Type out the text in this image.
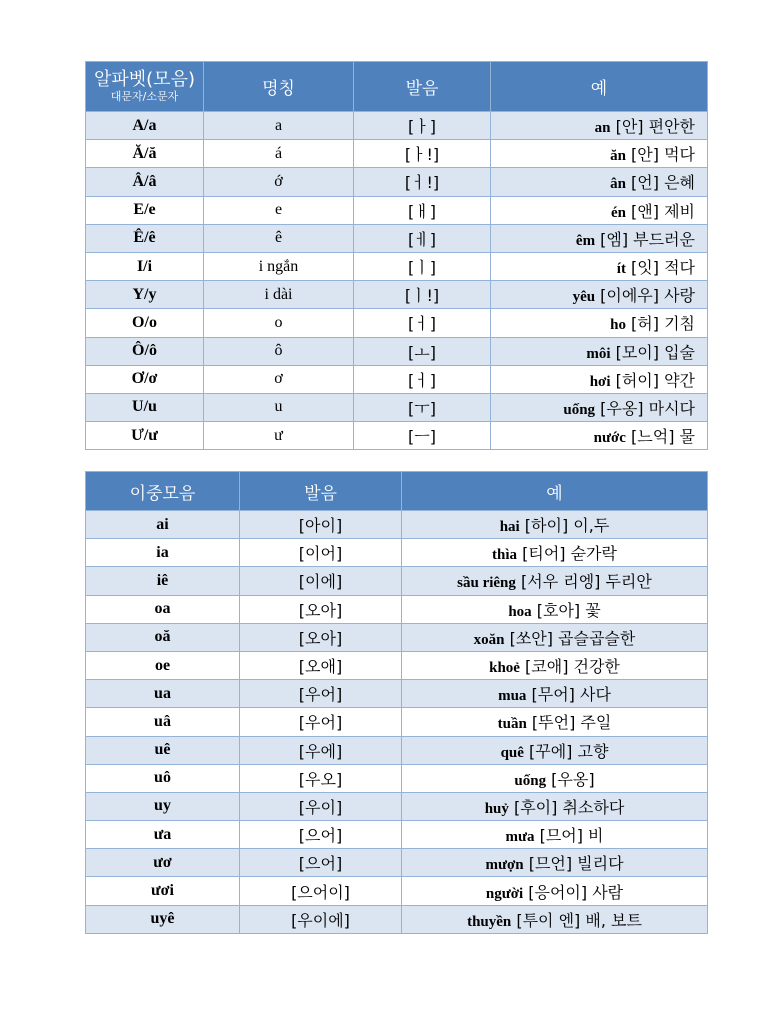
알파벳(모음)
대문자/소문자	명칭	발음	예
A/a	a	[ㅏ]	an [안] 편안한
Ă/ă	á	[ㅏ!]	ăn [안] 먹다
Â/â	ớ	[ㅓ!]	ân [언] 은혜
E/e	e	[ㅐ]	én [앤] 제비
Ê/ê	ê	[ㅔ]	êm [엠] 부드러운
I/i	i ngắn	[ㅣ]	ít [잇] 적다
Y/y	i dài	[ㅣ!]	yêu [이에우] 사랑
O/o	o	[ㅓ]	ho [허] 기침
Ô/ô	ô	[ㅗ]	môi [모이] 입술
Ơ/ơ	ơ	[ㅓ]	hơi [허이] 약간
U/u	u	[ㅜ]	uống [우옹] 마시다
Ư/ư	ư	[ㅡ]	nước [느억] 물
이중모음	발음	예
ai	[아이]	hai [하이] 이,두
ia	[이어]	thìa [티어] 숟가락
iê	[이에]	sầu riêng [서우 리엥] 두리안
oa	[오아]	hoa [호아] 꽃
oă	[오아]	xoăn [쏘안] 곱슬곱슬한
oe	[오애]	khoẻ [코애] 건강한
ua	[우어]	mua [무어] 사다
uâ	[우어]	tuần [뚜언] 주일
uê	[우에]	quê [꾸에] 고향
uô	[우오]	uống [우옹]
uy	[우이]	huỷ [후이] 취소하다
ưa	[으어]	mưa [므어] 비
ươ	[으어]	mượn [므언] 빌리다
ươi	[으어이]	người [응어이] 사람
uyê	[우이에]	thuyền [투이 엔] 배, 보트
